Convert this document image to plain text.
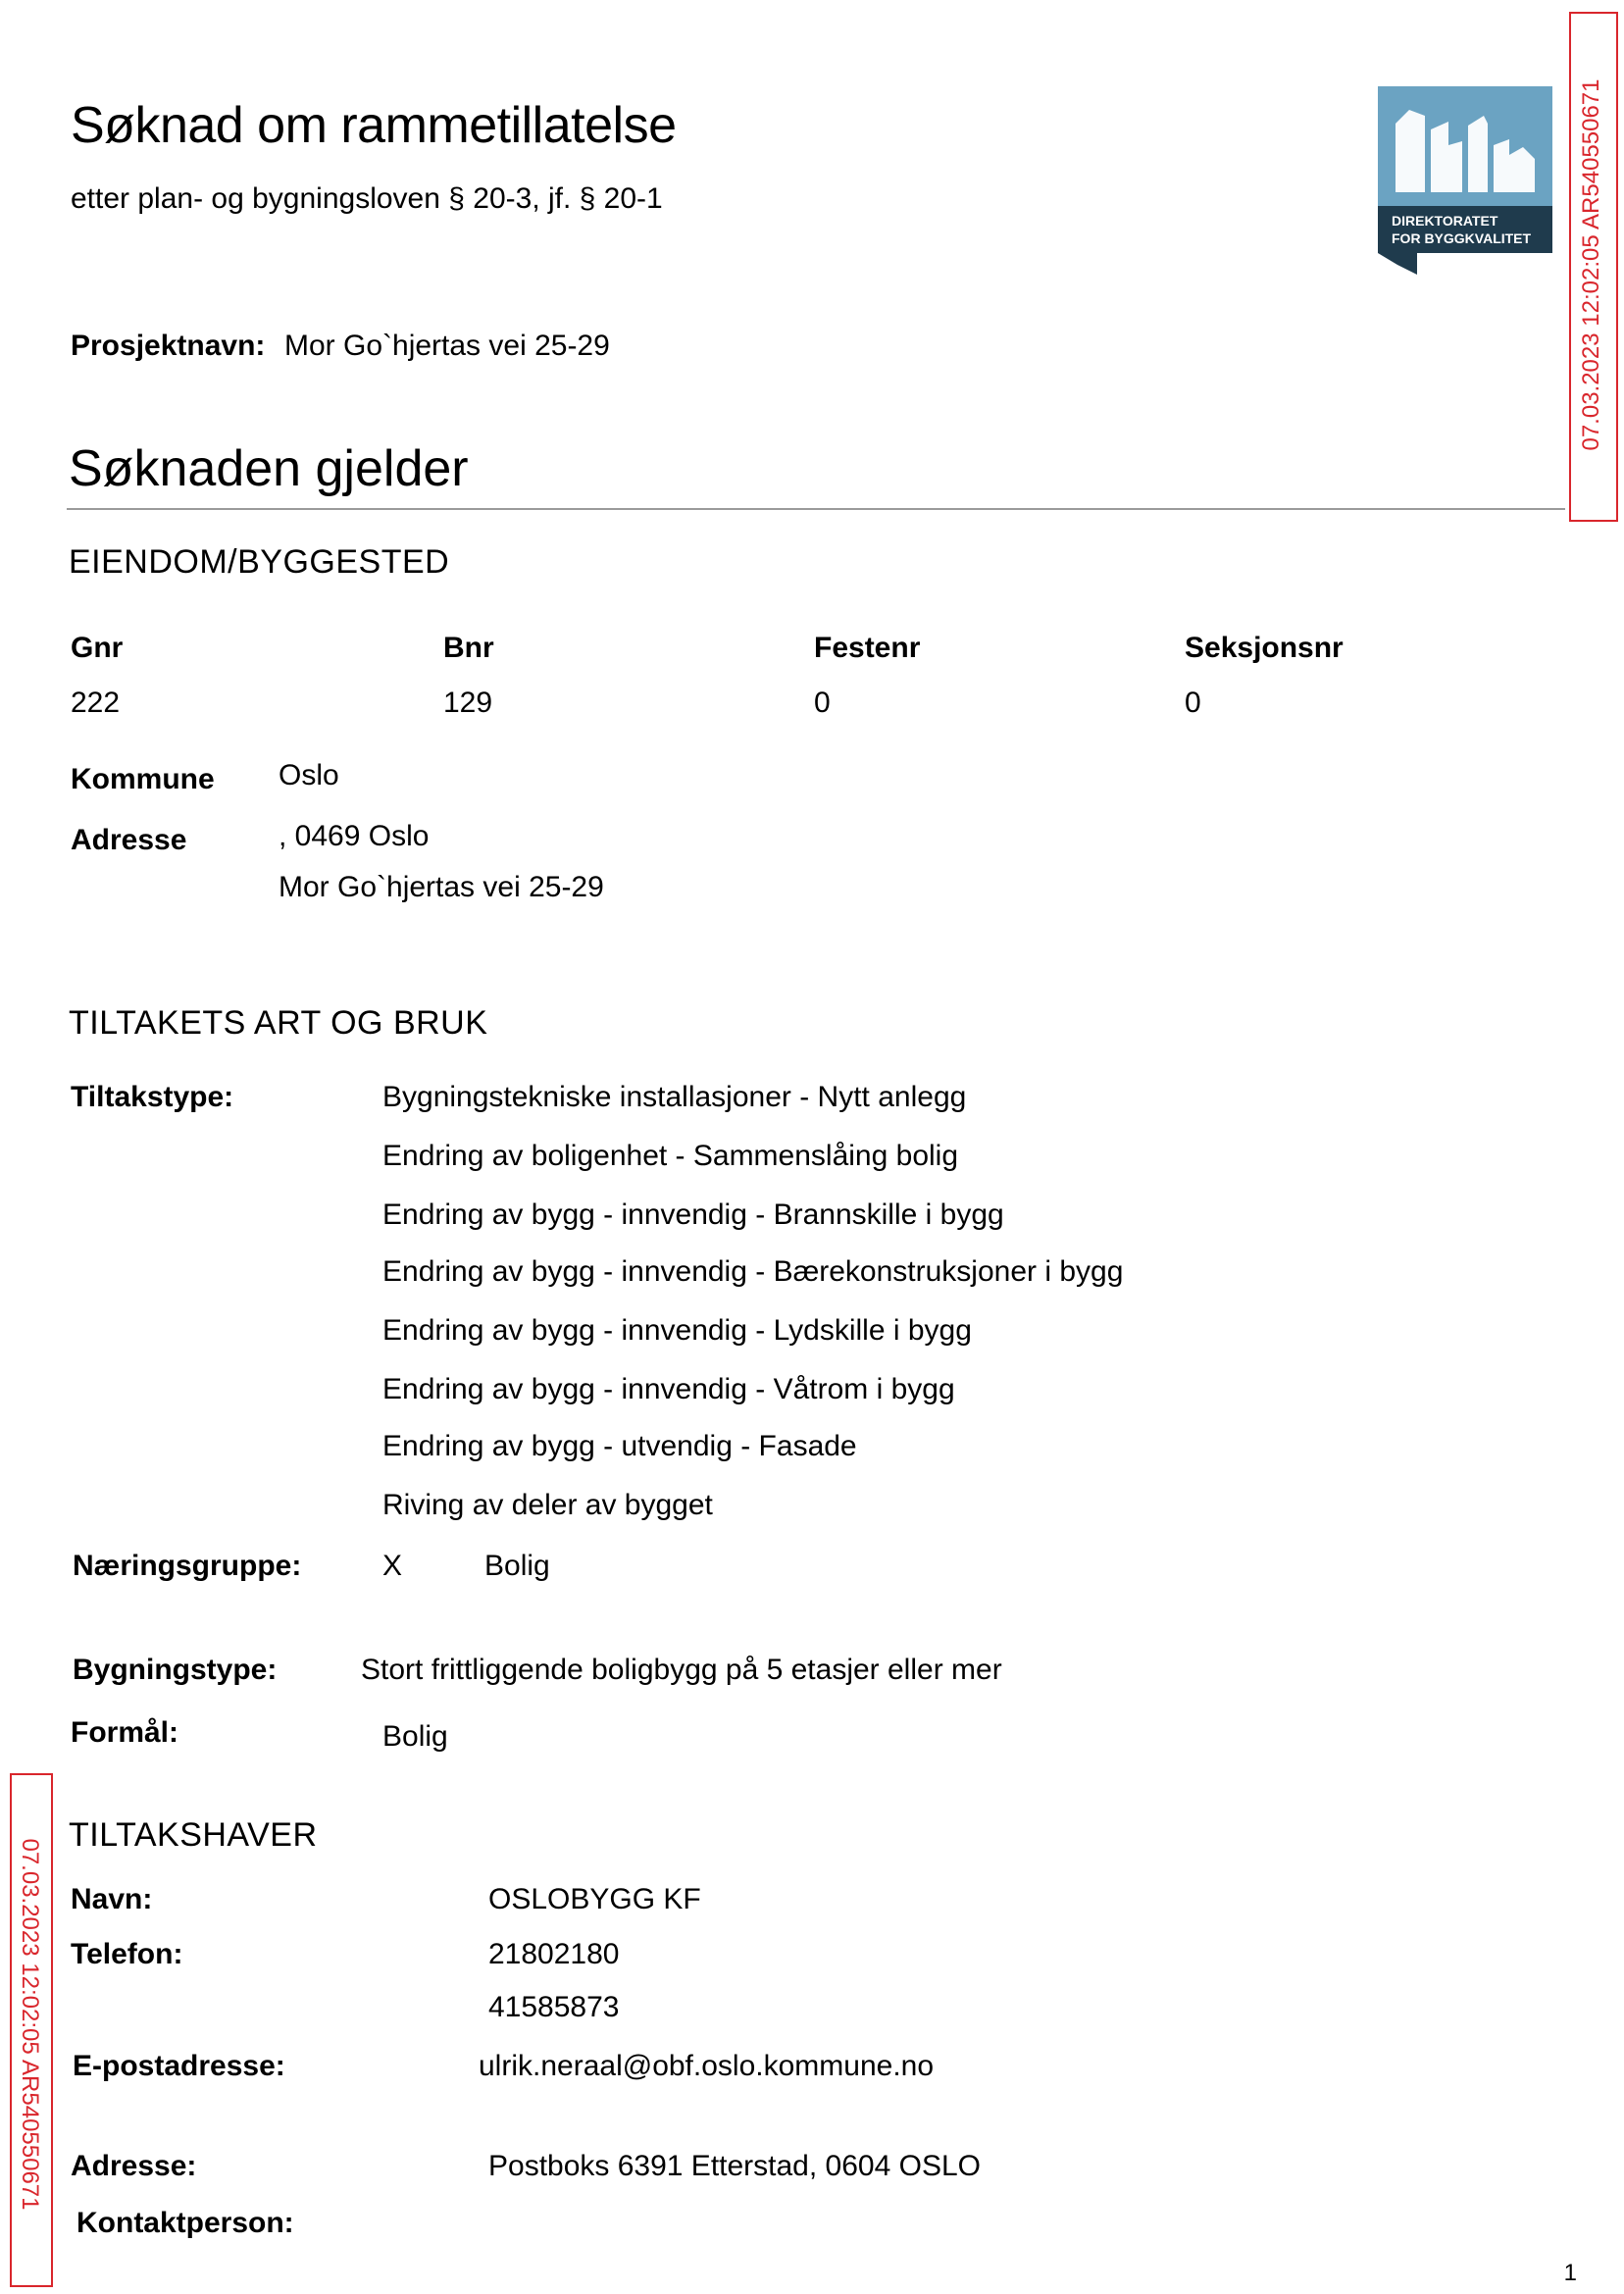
Søknad om rammetillatelse
etter plan- og bygningsloven § 20-3, jf. § 20-1
DIREKTORATET
FOR BYGGKVALITET 07.03.2023 12:02:05 AR540550671
07.03.2023 12:02:05 AR540550671
Prosjektnavn: Mor Go`hjertas vei 25-29
Søknaden gjelder
EIENDOM/BYGGESTED
Gnr	Bnr	Festenr	Seksjonsnr
222	129	0	0
Kommune Oslo
Adresse	, 0469 Oslo
Mor Go`hjertas vei 25-29
TILTAKETS ART OG BRUK
Tiltakstype:	Bygningstekniske installasjoner - Nytt anlegg
Endring av boligenhet - Sammenslåing bolig
Endring av bygg - innvendig - Brannskille i bygg
Endring av bygg - innvendig - Bærekonstruksjoner i bygg
Endring av bygg - innvendig - Lydskille i bygg
Endring av bygg - innvendig - Våtrom i bygg
Endring av bygg - utvendig - Fasade
Riving av deler av bygget
Næringsgruppe:	X	Bolig
Bygningstype:	Stort frittliggende boligbygg på 5 etasjer eller mer
Formål:	Bolig
TILTAKSHAVER
Navn:	OSLOBYGG KF
Telefon:	21802180
41585873
E-postadresse:	ulrik.neraal@obf.oslo.kommune.no
Adresse:	Postboks 6391 Etterstad, 0604 OSLO
Kontaktperson:
1
